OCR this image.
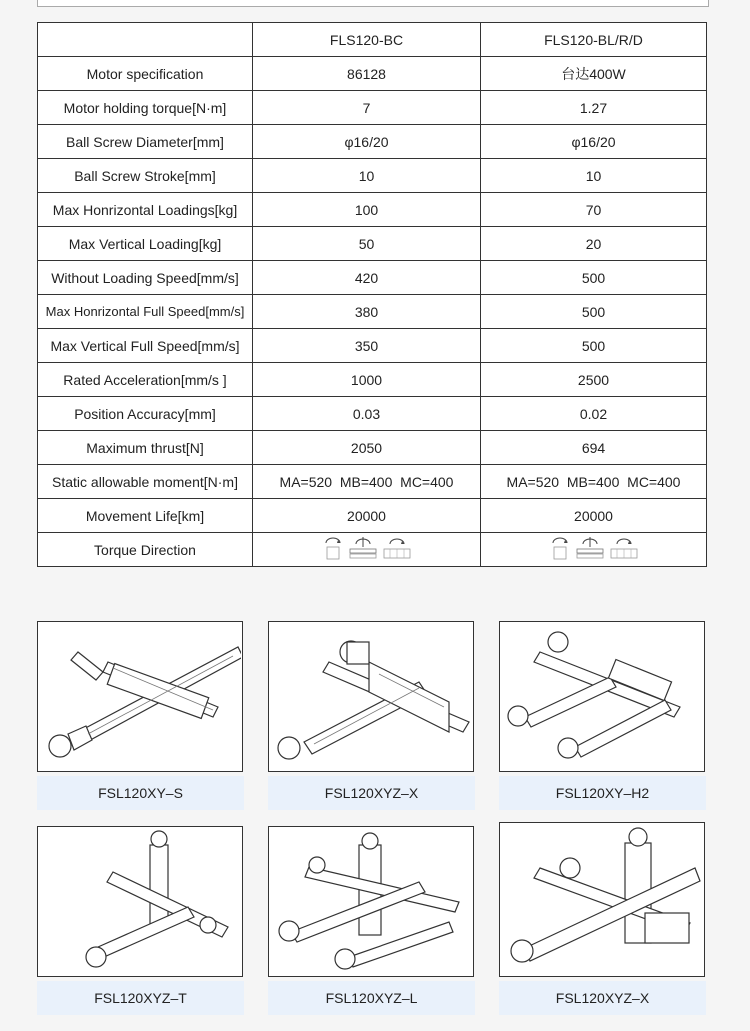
	FLS120-BC	FLS120-BL/R/D
Motor specification	86128	台达400W
Motor holding torque[N·m]	7	1.27
Ball Screw Diameter[mm]	φ16/20	φ16/20
Ball Screw Stroke[mm]	10	10
Max Honrizontal Loadings[kg]	100	70
Max Vertical Loading[kg]	50	20
Without Loading Speed[mm/s]	420	500
Max Honrizontal Full Speed[mm/s]	380	500
Max Vertical Full Speed[mm/s]	350	500
Rated Acceleration[mm/s ]	1000	2500
Position Accuracy[mm]	0.03	0.02
Maximum thrust[N]	2050	694
Static allowable moment[N·m]	MA=520  MB=400  MC=400	MA=520  MB=400  MC=400
Movement Life[km]	20000	20000
Torque Direction	

FSL120XY–S	FSL120XYZ–X	FSL120XY–H2
FSL120XYZ–T	FSL120XYZ–L	FSL120XYZ–X
